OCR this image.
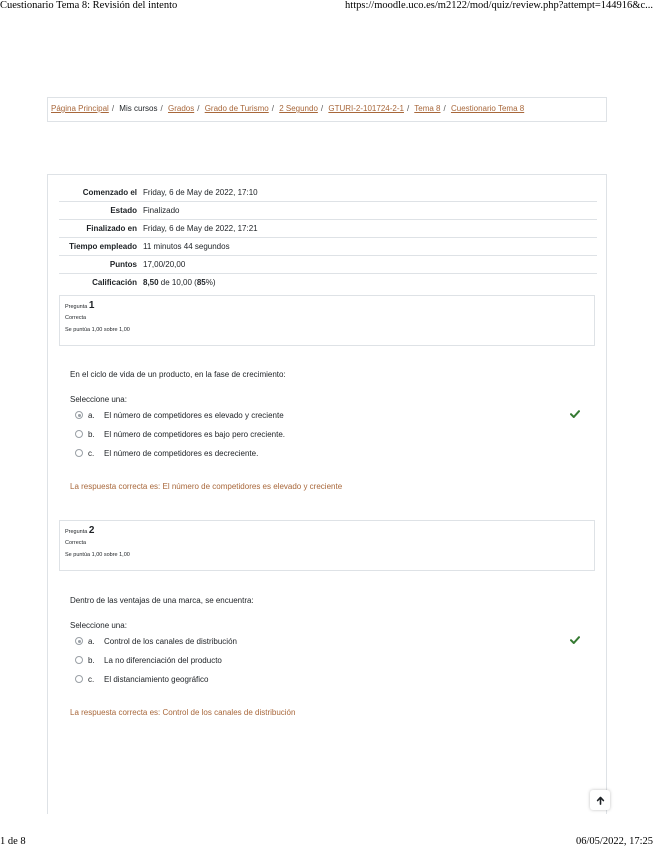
Cuestionario Tema 8: Revisión del intento	https://moodle.uco.es/m2122/mod/quiz/review.php?attempt=144916&c...
Página Principal / Mis cursos / Grados / Grado de Turismo / 2 Segundo / GTURI-2-101724-2-1 / Tema 8 / Cuestionario Tema 8
Comenzado el Friday, 6 de May de 2022, 17:10
Estado Finalizado
Finalizado en Friday, 6 de May de 2022, 17:21
Tiempo empleado 11 minutos 44 segundos
Puntos 17,00/20,00
Calificación 8,50 de 10,00 (85%)
Pregunta 1
Correcta
Se puntúa 1,00 sobre 1,00
En el ciclo de vida de un producto, en la fase de crecimiento:
Seleccione una:
a.	El número de competidores es elevado y creciente
b.	El número de competidores es bajo pero creciente.
c.	El número de competidores es decreciente.
La respuesta correcta es: El número de competidores es elevado y creciente
Pregunta 2
Correcta
Se puntúa 1,00 sobre 1,00
Dentro de las ventajas de una marca, se encuentra:
Seleccione una:
a.	Control de los canales de distribución
b.	La no diferenciación del producto
c.	El distanciamiento geográfico
La respuesta correcta es: Control de los canales de distribución
1 de 8	06/05/2022, 17:25
